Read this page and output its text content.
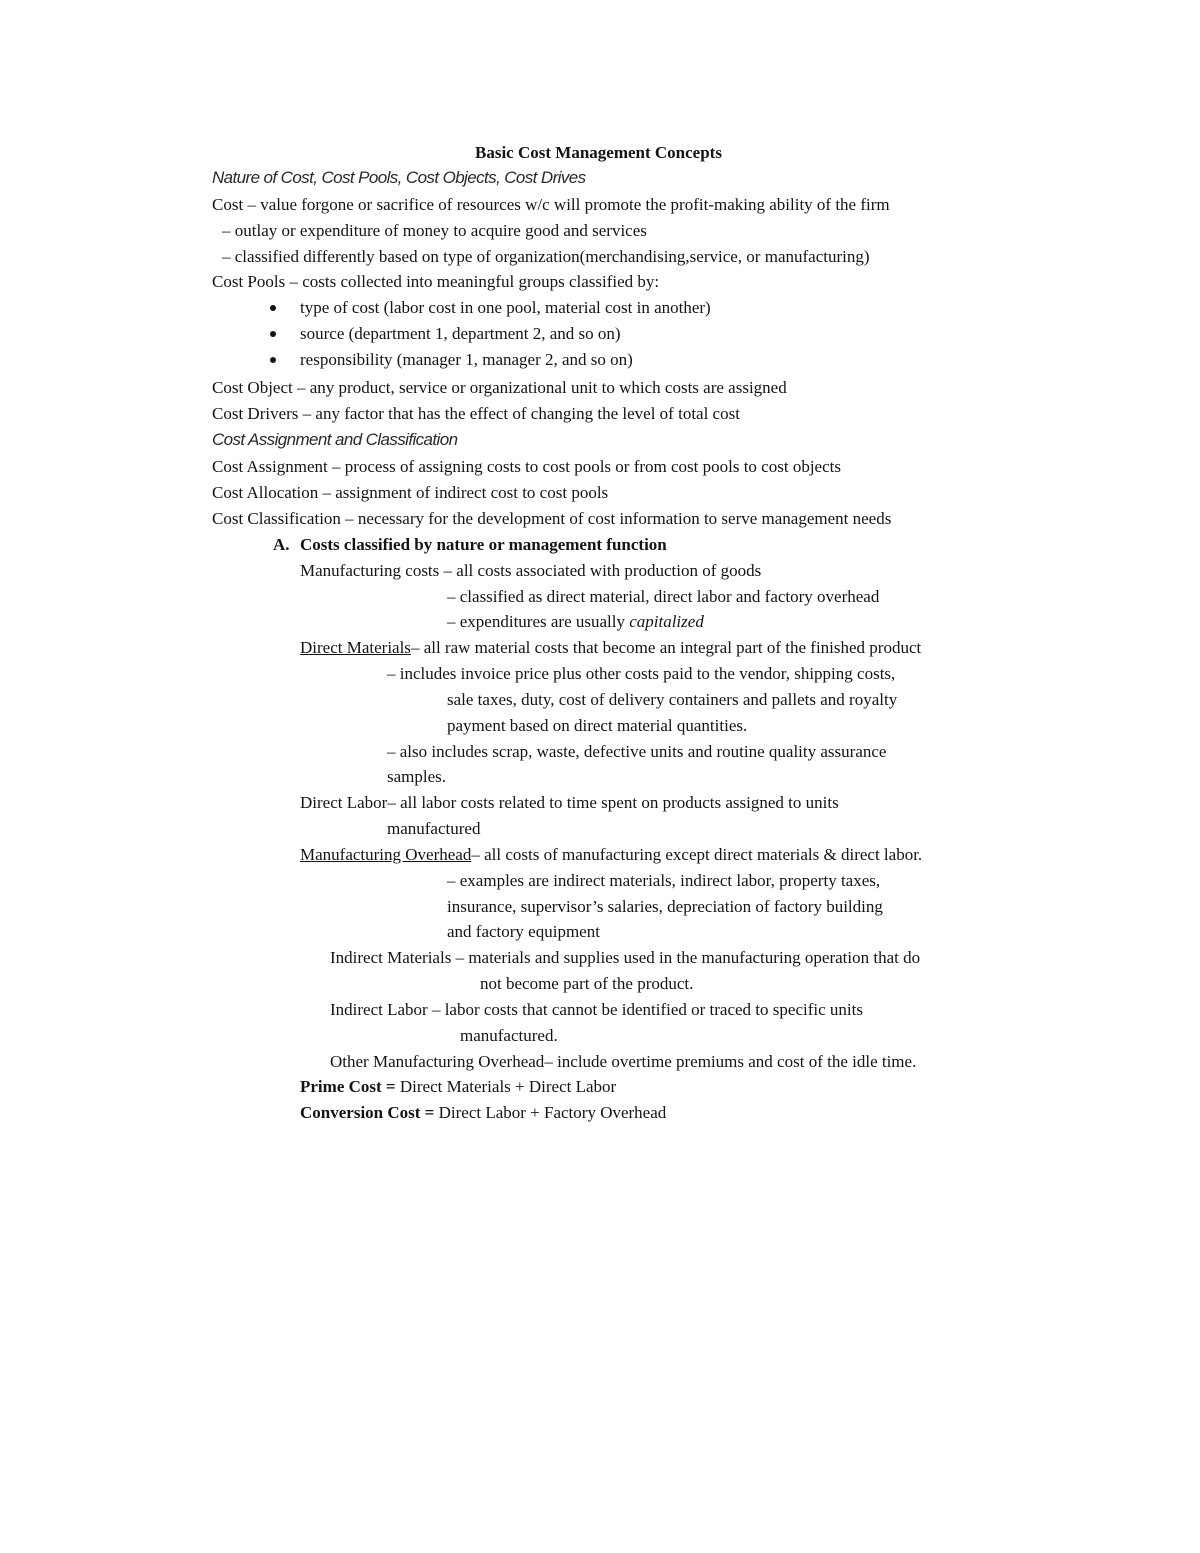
Basic Cost Management Concepts
Nature of Cost, Cost Pools, Cost Objects, Cost Drives
Cost – value forgone or sacrifice of resources w/c will promote the profit-making ability of the firm
– outlay or expenditure of money to acquire good and services
– classified differently based on type of organization(merchandising,service, or manufacturing)
Cost Pools – costs collected into meaningful groups classified by:
type of cost (labor cost in one pool, material cost in another)
source (department 1, department 2, and so on)
responsibility (manager 1, manager 2, and so on)
Cost Object – any product, service or organizational unit to which costs are assigned
Cost Drivers – any factor that has the effect of changing the level of total cost
Cost Assignment and Classification
Cost Assignment – process of assigning costs to cost pools or from cost pools to cost objects
Cost Allocation – assignment of indirect cost to cost pools
Cost Classification – necessary for the development of cost information to serve management needs
A. Costs classified by nature or management function
Manufacturing costs – all costs associated with production of goods
– classified as direct material, direct labor and factory overhead
– expenditures are usually capitalized
Direct Materials– all raw material costs that become an integral part of the finished product
– includes invoice price plus other costs paid to the vendor, shipping costs,
sale taxes, duty, cost of delivery containers and pallets and royalty
payment based on direct material quantities.
– also includes scrap, waste, defective units and routine quality assurance
samples.
Direct Labor– all labor costs related to time spent on products assigned to units
manufactured
Manufacturing Overhead– all costs of manufacturing except direct materials & direct labor.
– examples are indirect materials, indirect labor, property taxes,
insurance, supervisor’s salaries, depreciation of factory building
and factory equipment
Indirect Materials – materials and supplies used in the manufacturing operation that do
not become part of the product.
Indirect Labor – labor costs that cannot be identified or traced to specific units
manufactured.
Other Manufacturing Overhead– include overtime premiums and cost of the idle time.
Prime Cost = Direct Materials + Direct Labor
Conversion Cost = Direct Labor + Factory Overhead
